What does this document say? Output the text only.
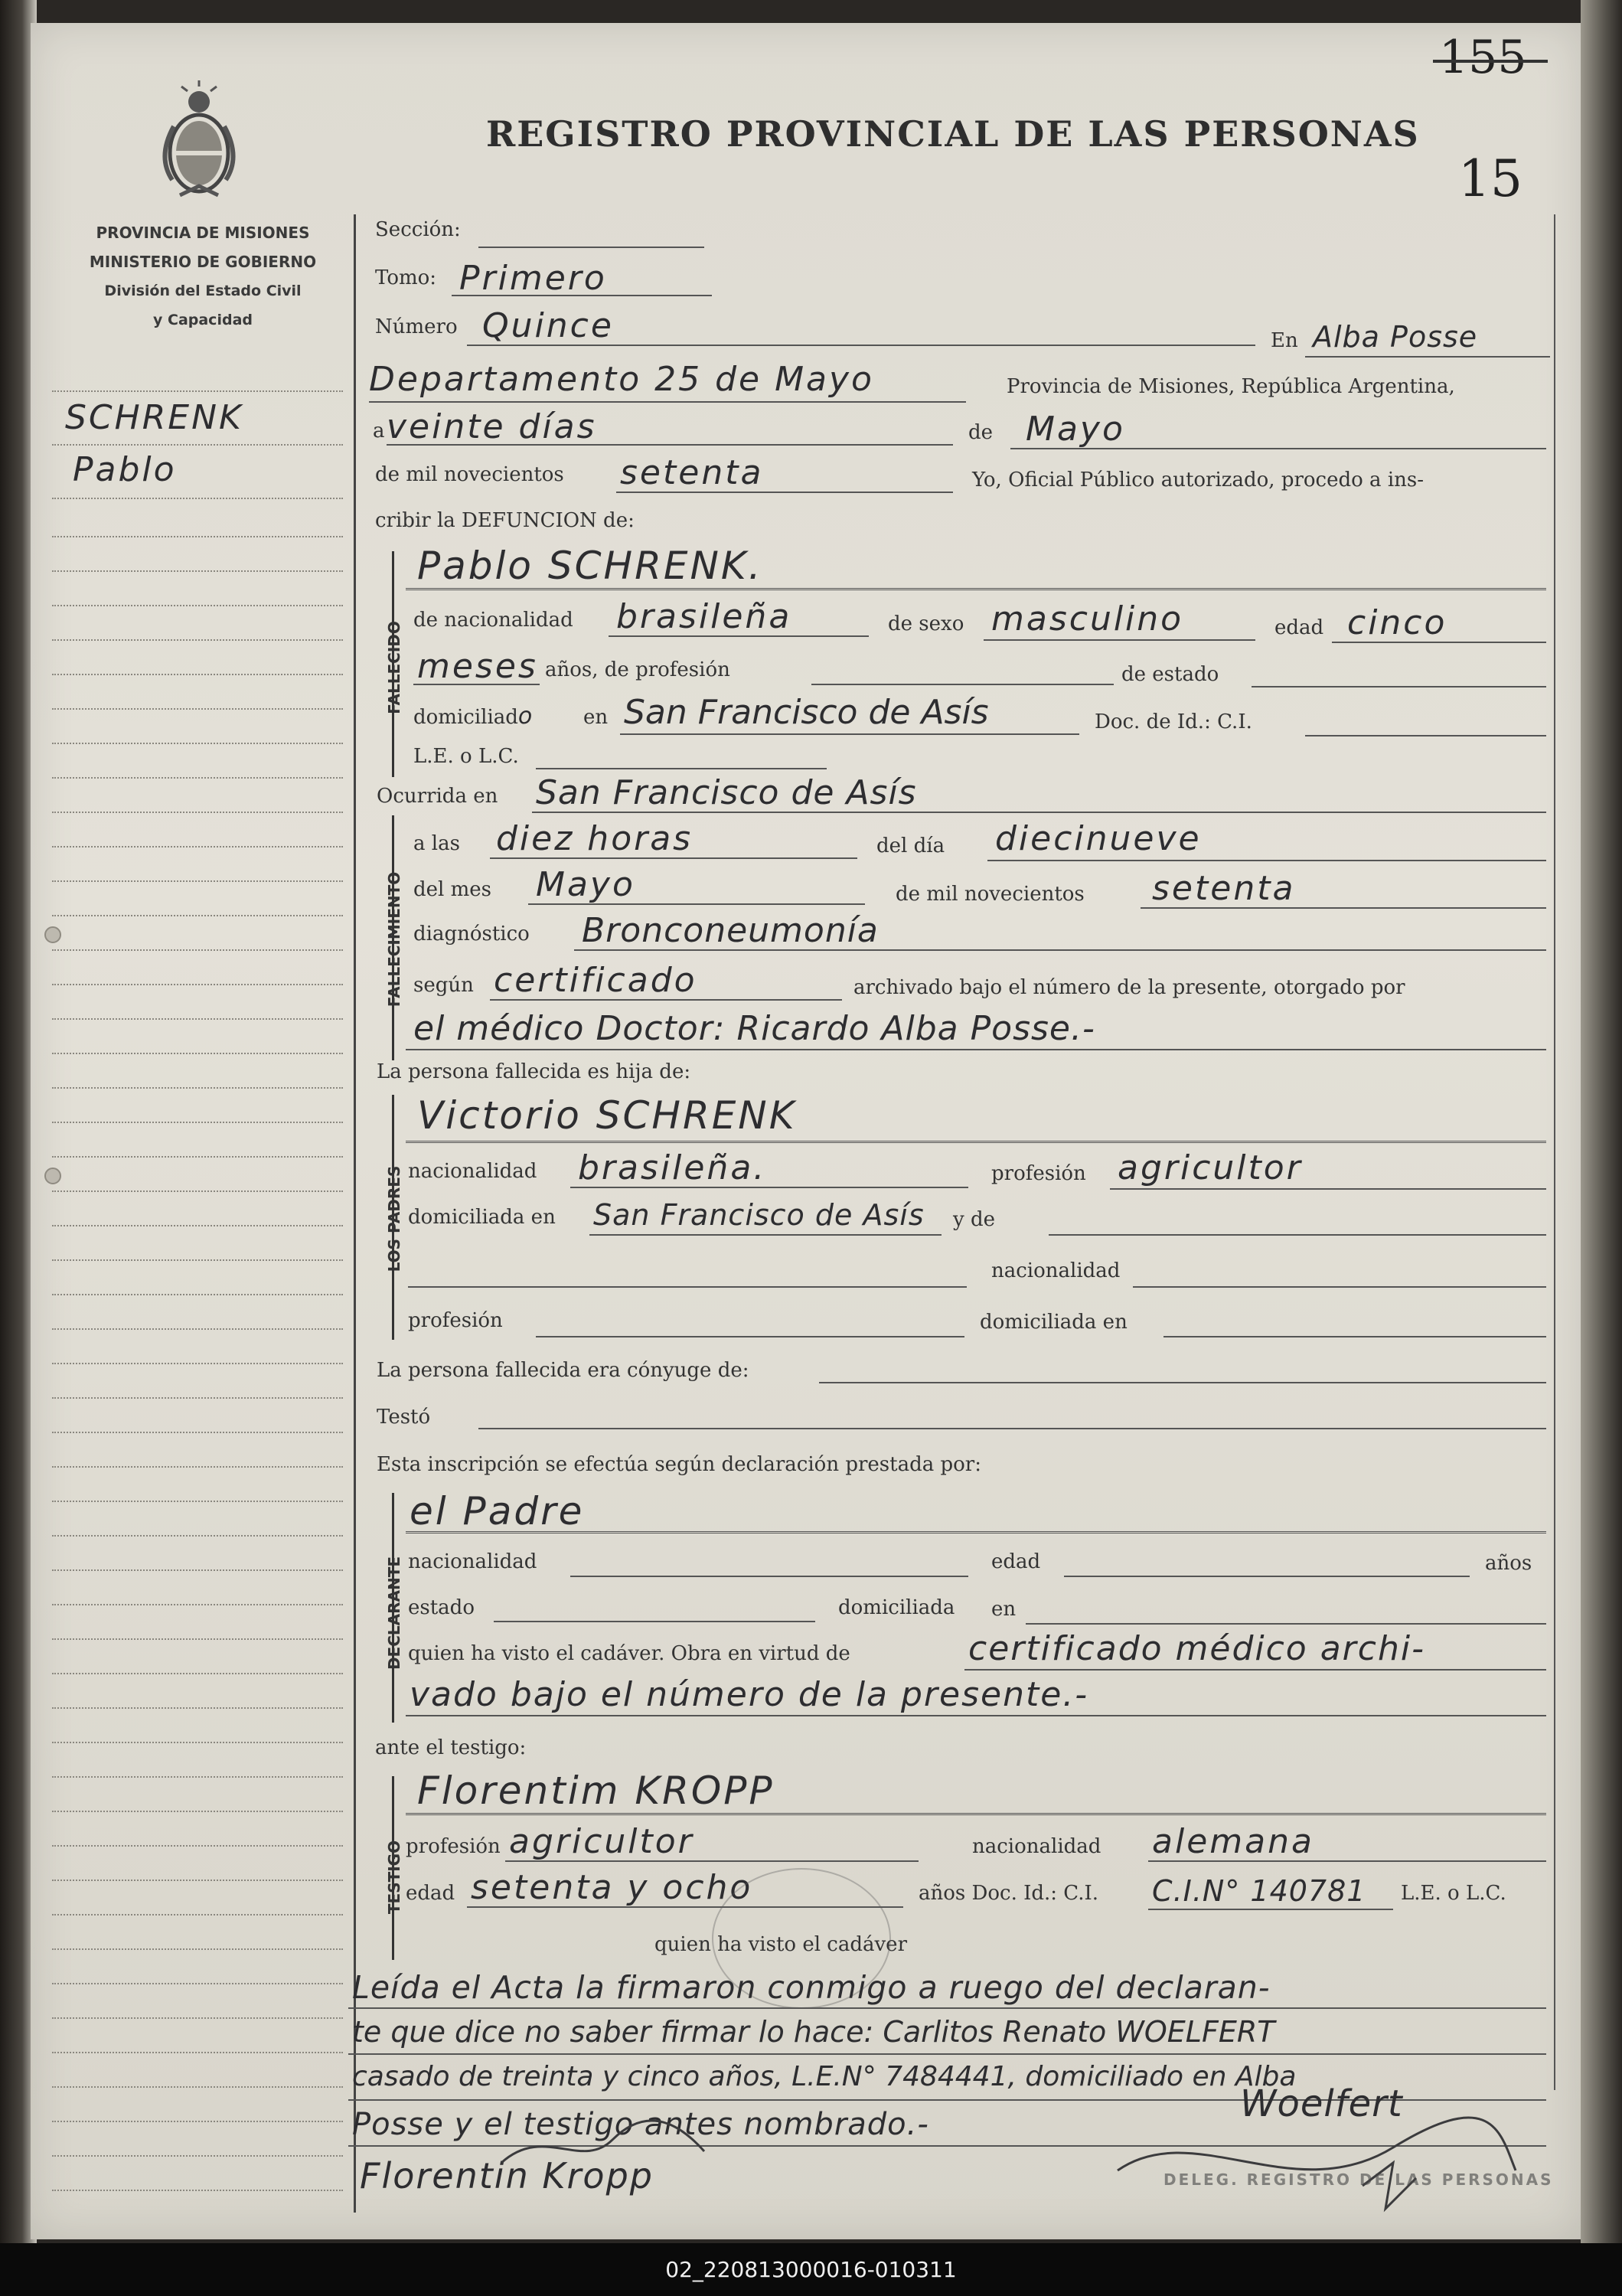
155
15
REGISTRO PROVINCIAL DE LAS PERSONAS
PROVINCIA DE MISIONES
MINISTERIO DE GOBIERNO
División del Estado Civil
y Capacidad
SCHRENK
Pablo
Sección:
Tomo: Primero
Número Quince	En Alba Posse
Departamento 25 de Mayo	Provincia de Misiones, República Argentina,
a veinte días	de Mayo
de mil novecientos setenta	Yo, Oficial Público autorizado, procedo a ins-
cribir la DEFUNCION de:
FALLECIDO
Pablo SCHRENK.
de nacionalidad brasileña	de sexo masculino	edad cinco
meses años, de profesión	de estado
domiciliado	en San Francisco de Asís	Doc. de Id.: C.I.
L.E. o L.C.
Ocurrida en San Francisco de Asís
FALLECIMIENTO
a las diez horas	del día diecinueve
del mes Mayo	de mil novecientos setenta
diagnóstico Bronconeumonía
según certificado	archivado bajo el número de la presente, otorgado por
el médico Doctor: Ricardo Alba Posse.-
La persona fallecida es hija de:
LOS PADRES
Victorio SCHRENK
nacionalidad brasileña.	profesión agricultor
domiciliada en San Francisco de Asís y de
nacionalidad
profesión	domiciliada en
La persona fallecida era cónyuge de:
Testó
Esta inscripción se efectúa según declaración prestada por:
DECLARANTE
el Padre
nacionalidad	edad	años
estado	domiciliada en
quien ha visto el cadáver. Obra en virtud de	certificado médico archi-
vado bajo el número de la presente.-
ante el testigo:
TESTIGO
Florentim KROPP
profesión agricultor	nacionalidad alemana
edad setenta y ocho	años Doc. Id.: C.I. C.I.N° 140781 L.E. o L.C.
quien ha visto el cadáver
Leída el Acta la firmaron conmigo a ruego del declaran-
te que dice no saber firmar lo hace: Carlitos Renato WOELFERT
casado de treinta y cinco años, L.E.N° 7484441, domiciliado en Alba
Posse y el testigo antes nombrado.-
Florentin Kropp
Woelfert
DELEG. REGISTRO DE LAS PERSONAS
02_220813000016-010311
